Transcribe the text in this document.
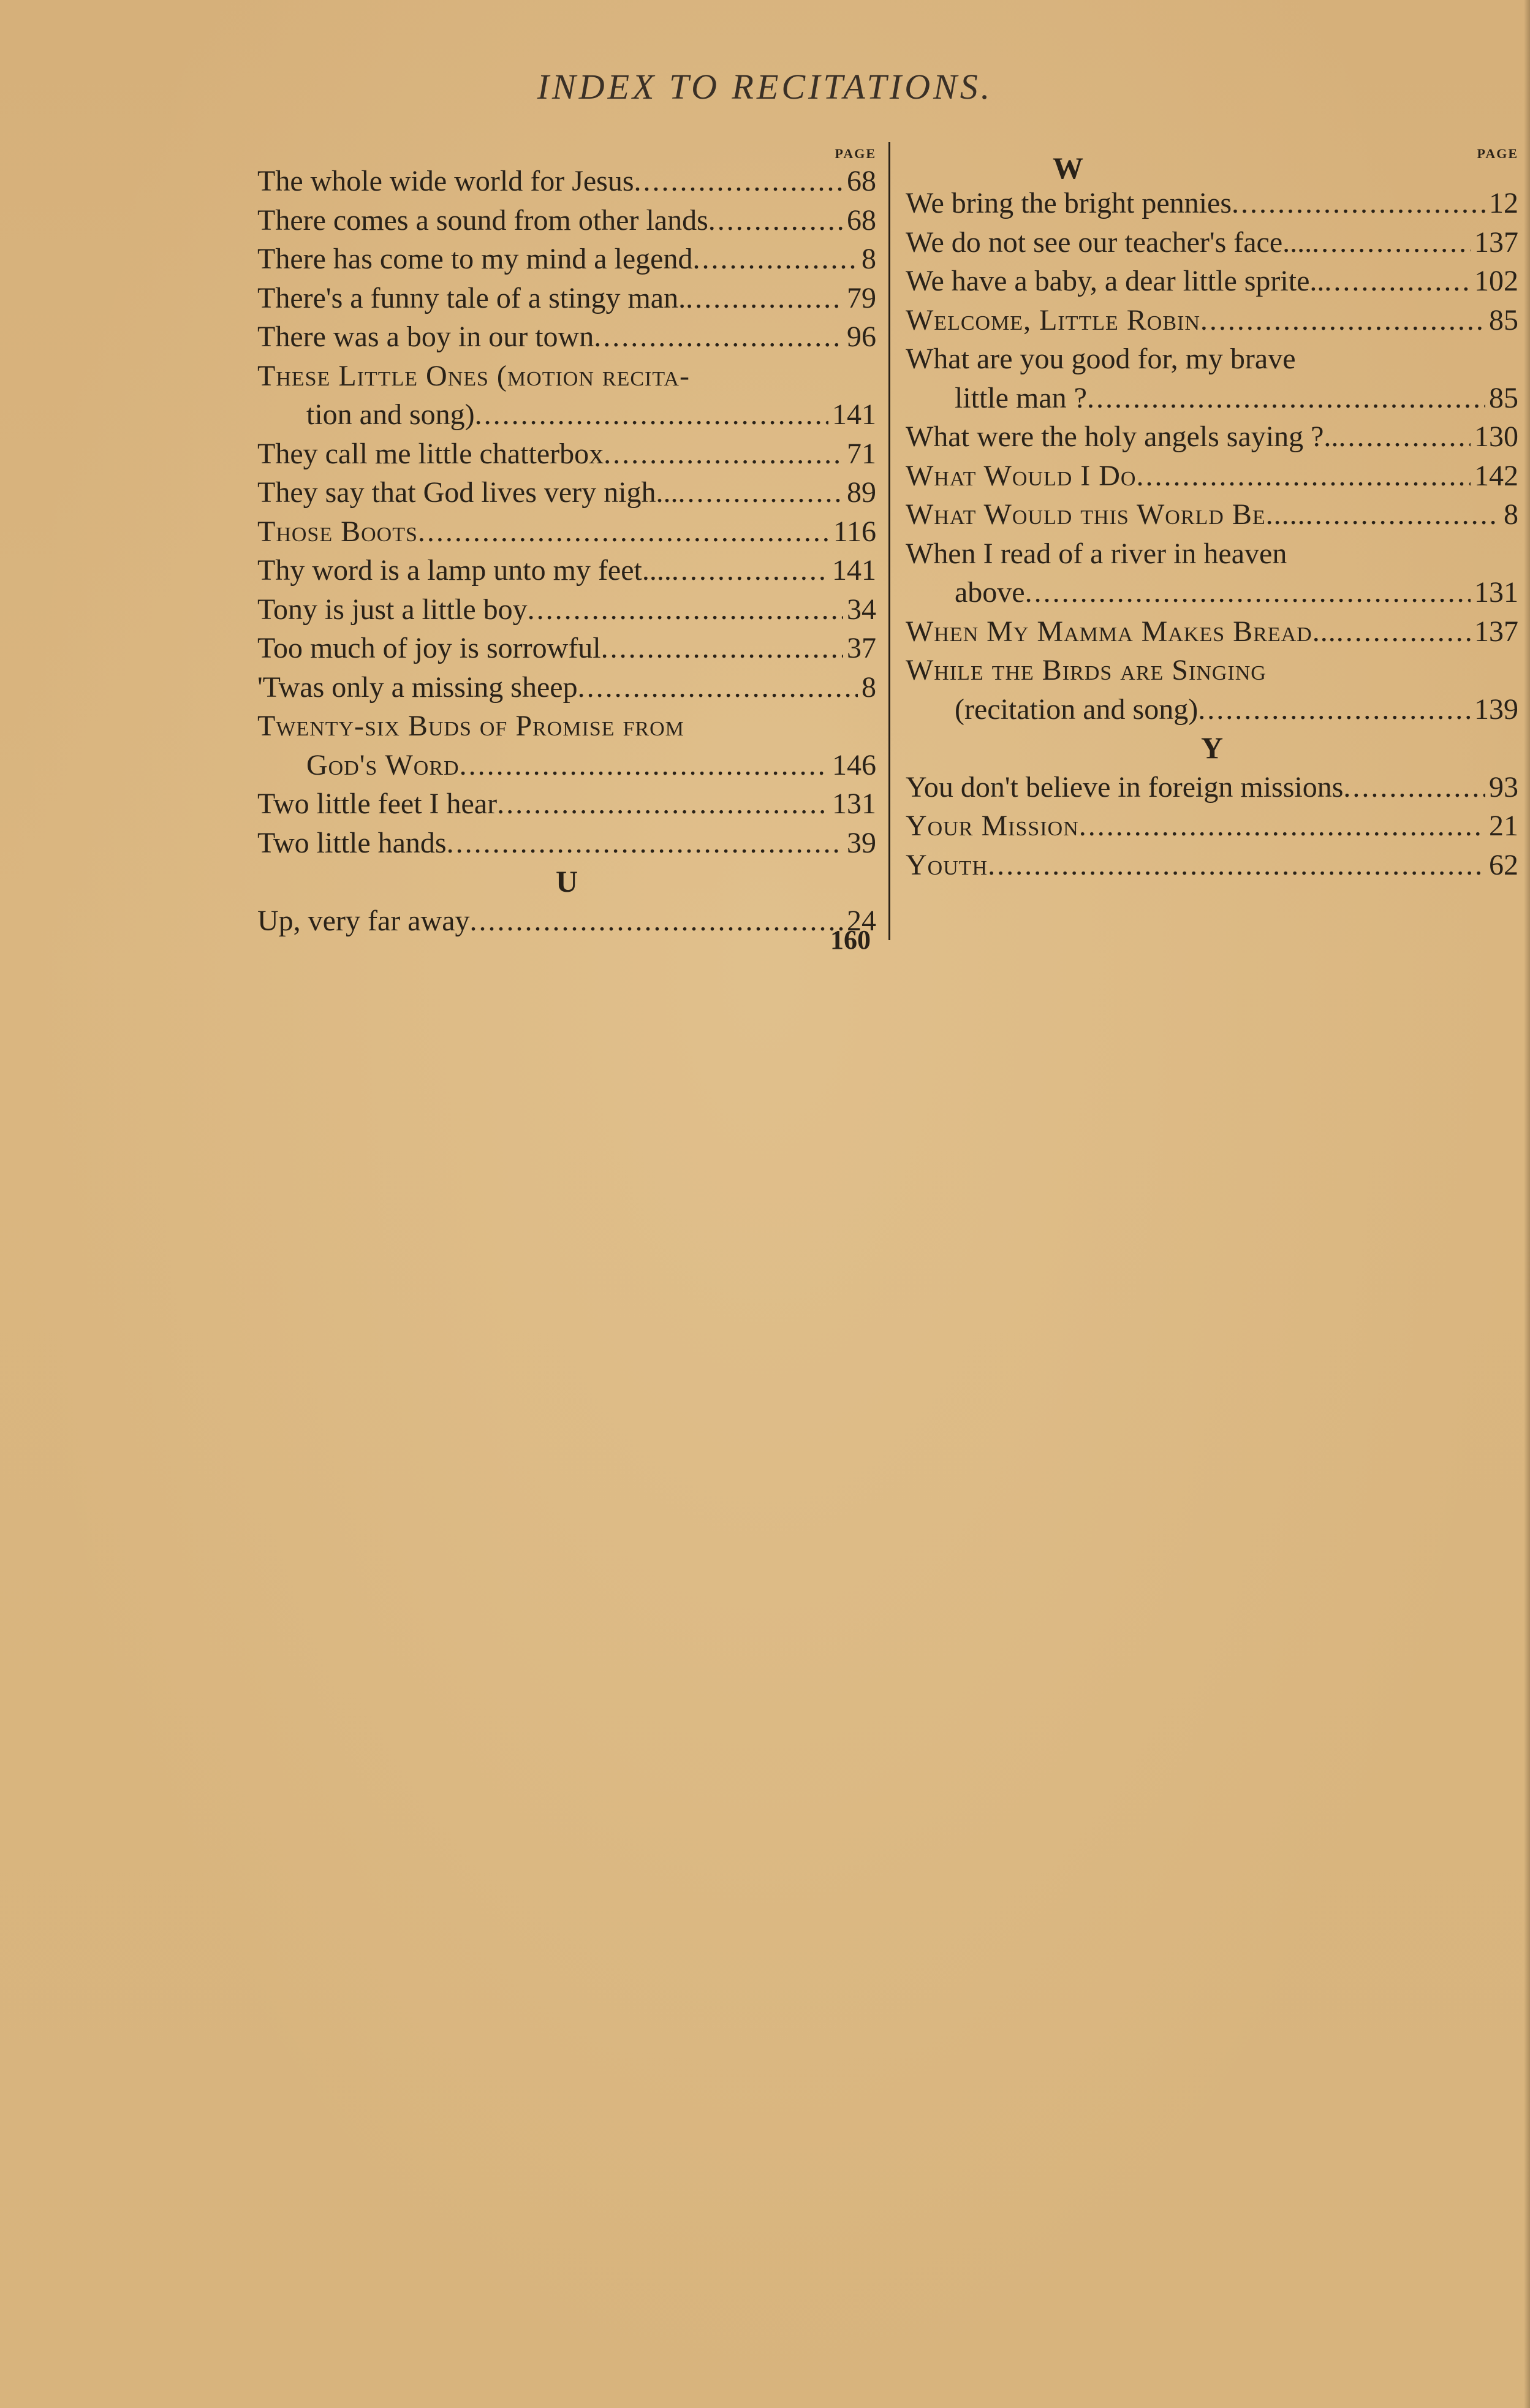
INDEX TO RECITATIONS.
PAGE
The whole wide world for Jesus .....	68
There comes a sound from other lands .....	68
There has come to my mind a legend .....	8
There's a funny tale of a stingy man. .....	79
There was a boy in our town .....	96
These Little Ones (motion recita-
tion and song) .....	141
They call me little chatterbox .....	71
They say that God lives very nigh... .....	89
Those Boots .....	116
Thy word is a lamp unto my feet.... .....	141
Tony is just a little boy .....	34
Too much of joy is sorrowful .....	37
'Twas only a missing sheep .....	8
Twenty-six Buds of Promise from
God's Word .....	146
Two little feet I hear .....	131
Two little hands .....	39
U
Up, very far away .....	24
PAGE
W
We bring the bright pennies .....	12
We do not see our teacher's face.... .....	137
We have a baby, a dear little sprite.. .....	102
Welcome, Little Robin .....	85
What are you good for, my brave
little man ? .....	85
What were the holy angels saying ?.. .....	130
What Would I Do .....	142
What Would this World Be..... .....	8
When I read of a river in heaven
above .....	131
When My Mamma Makes Bread... .....	137
While the Birds are Singing
(recitation and song) .....	139
Y
You don't believe in foreign missions .....	93
Your Mission .....	21
Youth .....	62
160
